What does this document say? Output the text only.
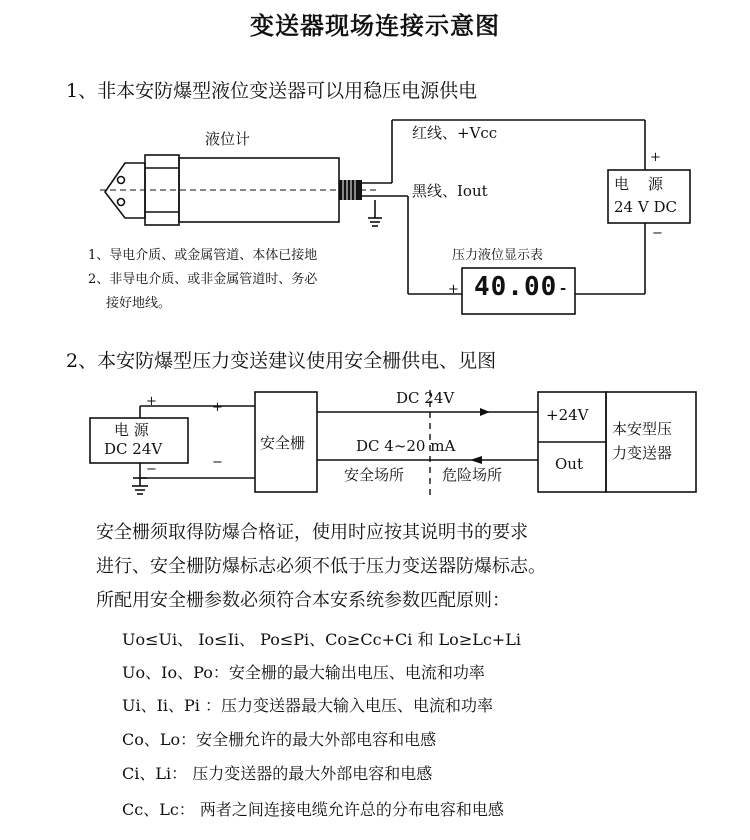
变送器现场连接示意图
1、非本安防爆型液位变送器可以用稳压电源供电
液位计	红线、+Vcc
黑线、Iout
+
电　源
24 V DC
−
1、导电介质、或金属管道、本体已接地
2、非导电介质、或非金属管道时、务必
接好地线。
压力液位显示表
+ 40.00 -
2、本安防爆型压力变送建议使用安全栅供电、见图
+
电 源
DC 24V
−
+
−
安全栅
DC 24V
DC 4~20 mA
安全场所	危险场所
+24V
Out
本安型压
力变送器
安全栅须取得防爆合格证，使用时应按其说明书的要求
进行、安全栅防爆标志必须不低于压力变送器防爆标志。
所配用安全栅参数必须符合本安系统参数匹配原则：
Uo≤Ui、 Io≤Ii、 Po≤Pi、Co≥Cc+Ci 和 Lo≥Lc+Li
Uo、Io、Po：安全栅的最大输出电压、电流和功率
Ui、Ii、Pi ：压力变送器最大输入电压、电流和功率
Co、Lo：安全栅允许的最大外部电容和电感
Ci、Li： 压力变送器的最大外部电容和电感
Cc、Lc： 两者之间连接电缆允许总的分布电容和电感
